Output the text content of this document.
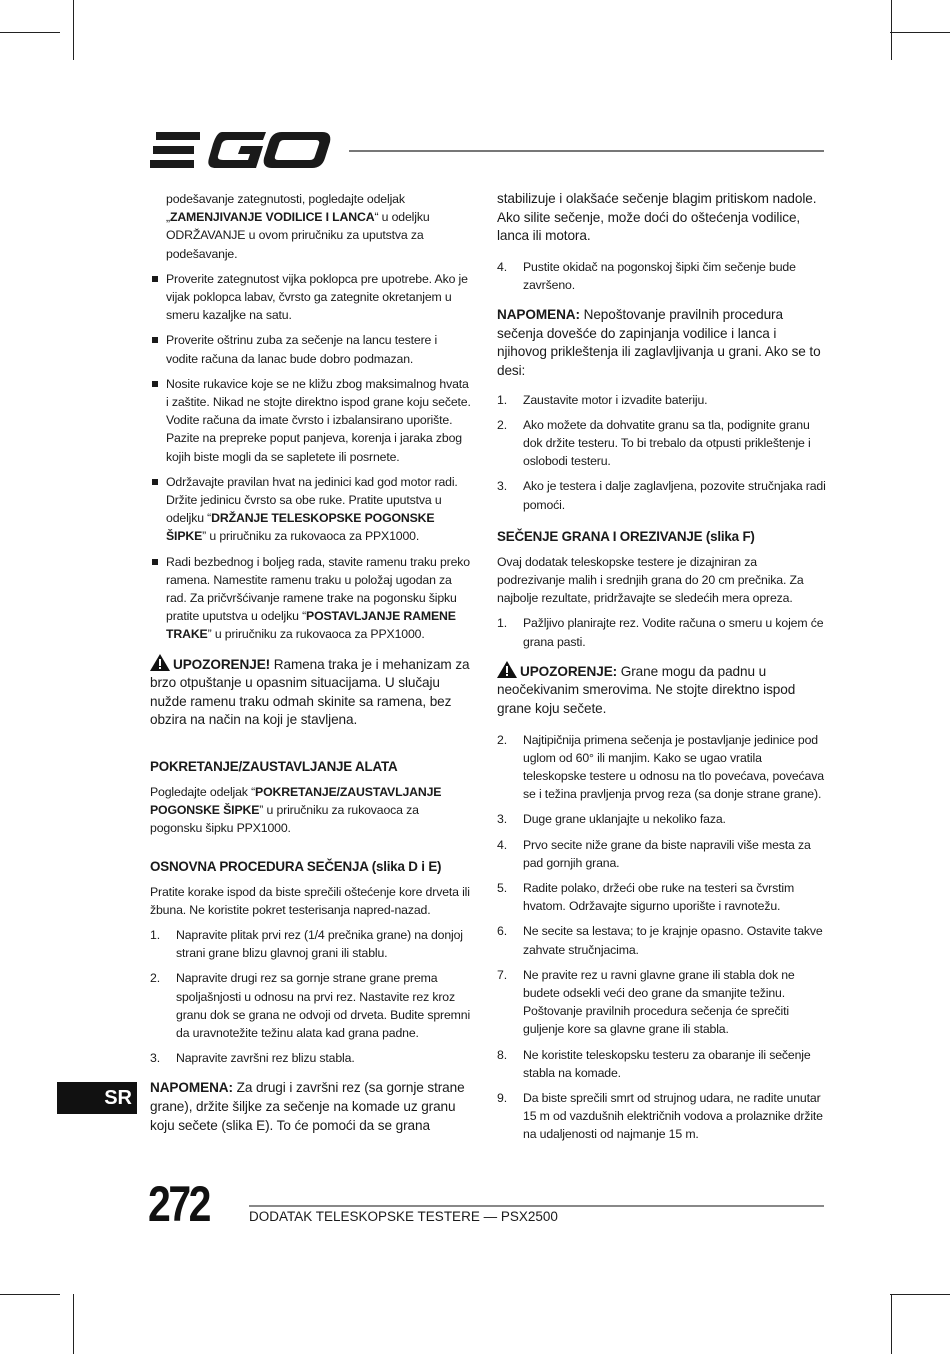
podešavanje zategnutosti, pogledajte odeljak „ZAMENJIVANJE VODILICE I LANCA“ u odeljku ODRŽAVANJE u ovom priručniku za uputstva za podešavanje.

Proverite zategnutost vijka poklopca pre upotrebe. Ako je vijak poklopca labav, čvrsto ga zategnite okretanjem u smeru kazaljke na satu.
Proverite oštrinu zuba za sečenje na lancu testere i vodite računa da lanac bude dobro podmazan.
Nosite rukavice koje se ne kližu zbog maksimalnog hvata i zaštite. Nikad ne stojte direktno ispod grane koju sečete. Vodite računa da imate čvrsto i izbalansirano uporište. Pazite na prepreke poput panjeva, korenja i jaraka zbog kojih biste mogli da se sapletete ili posrnete.
Održavajte pravilan hvat na jedinici kad god motor radi. Držite jedinicu čvrsto sa obe ruke. Pratite uputstva u odeljku “DRŽANJE TELESKOPSKE POGONSKE ŠIPKE” u priručniku za rukovaoca za PPX1000.
Radi bezbednog i boljeg rada, stavite ramenu traku preko ramena. Namestite ramenu traku u položaj ugodan za rad. Za pričvršćivanje ramene trake na pogonsku šipku pratite uputstva u odeljku “POSTAVLJANJE RAMENE TRAKE” u priručniku za rukovaoca za PPX1000.

UPOZORENJE! Ramena traka je i mehanizam za brzo otpuštanje u opasnim situacijama. U slučaju nužde ramenu traku odmah skinite sa ramena, bez obzira na način na koji je stavljena.

POKRETANJE/ZAUSTAVLJANJE ALATA

Pogledajte odeljak “POKRETANJE/ZAUSTAVLJANJE POGONSKE ŠIPKE” u priručniku za rukovaoca za pogonsku šipku PPX1000.

OSNOVNA PROCEDURA SEČENJA (slika D i E)

Pratite korake ispod da biste sprečili oštećenje kore drveta ili žbuna. Ne koristite pokret testerisanja napred-nazad.

1. Napravite plitak prvi rez (1/4 prečnika grane) na donjoj strani grane blizu glavnoj grani ili stablu.
2. Napravite drugi rez sa gornje strane grane prema spoljašnjosti u odnosu na prvi rez. Nastavite rez kroz granu dok se grana ne odvoji od drveta. Budite spremni da uravnotežite težinu alata kad grana padne.
3. Napravite završni rez blizu stabla.

NAPOMENA: Za drugi i završni rez (sa gornje strane grane), držite šiljke za sečenje na komade uz granu koju sečete (slika E). To će pomoći da se grana

stabilizuje i olakšaće sečenje blagim pritiskom nadole. Ako silite sečenje, može doći do oštećenja vodilice, lanca ili motora.

4. Pustite okidač na pogonskoj šipki čim sečenje bude završeno.

NAPOMENA: Nepoštovanje pravilnih procedura sečenja dovešće do zapinjanja vodilice i lanca i njihovog prikleštenja ili zaglavljivanja u grani. Ako se to desi:

1. Zaustavite motor i izvadite bateriju.
2. Ako možete da dohvatite granu sa tla, podignite granu dok držite testeru. To bi trebalo da otpusti prikleštenje i oslobodi testeru.
3. Ako je testera i dalje zaglavljena, pozovite stručnjaka radi pomoći.

SEČENJE GRANA I OREZIVANJE (slika F)

Ovaj dodatak teleskopske testere je dizajniran za podrezivanje malih i srednjih grana do 20 cm prečnika. Za najbolje rezultate, pridržavajte se sledećih mera opreza.

1. Pažljivo planirajte rez. Vodite računa o smeru u kojem će grana pasti.

UPOZORENJE: Grane mogu da padnu u neočekivanim smerovima. Ne stojte direktno ispod grane koju sečete.

2. Najtipičnija primena sečenja je postavljanje jedinice pod uglom od 60° ili manjim. Kako se ugao vratila teleskopske testere u odnosu na tlo povećava, povećava se i težina pravljenja prvog reza (sa donje strane grane).
3. Duge grane uklanjajte u nekoliko faza.
4. Prvo secite niže grane da biste napravili više mesta za pad gornjih grana.
5. Radite polako, držeći obe ruke na testeri sa čvrstim hvatom. Održavajte sigurno uporište i ravnotežu.
6. Ne secite sa lestava; to je krajnje opasno. Ostavite takve zahvate stručnjacima.
7. Ne pravite rez u ravni glavne grane ili stabla dok ne budete odsekli veći deo grane da smanjite težinu. Poštovanje pravilnih procedura sečenja će sprečiti guljenje kore sa glavne grane ili stabla.
8. Ne koristite teleskopsku testeru za obaranje ili sečenje stabla na komade.
9. Da biste sprečili smrt od strujnog udara, ne radite unutar 15 m od vazdušnih električnih vodova a prolaznike držite na udaljenosti od najmanje 15 m.
SR
272	DODATAK TELESKOPSKE TESTERE — PSX2500
